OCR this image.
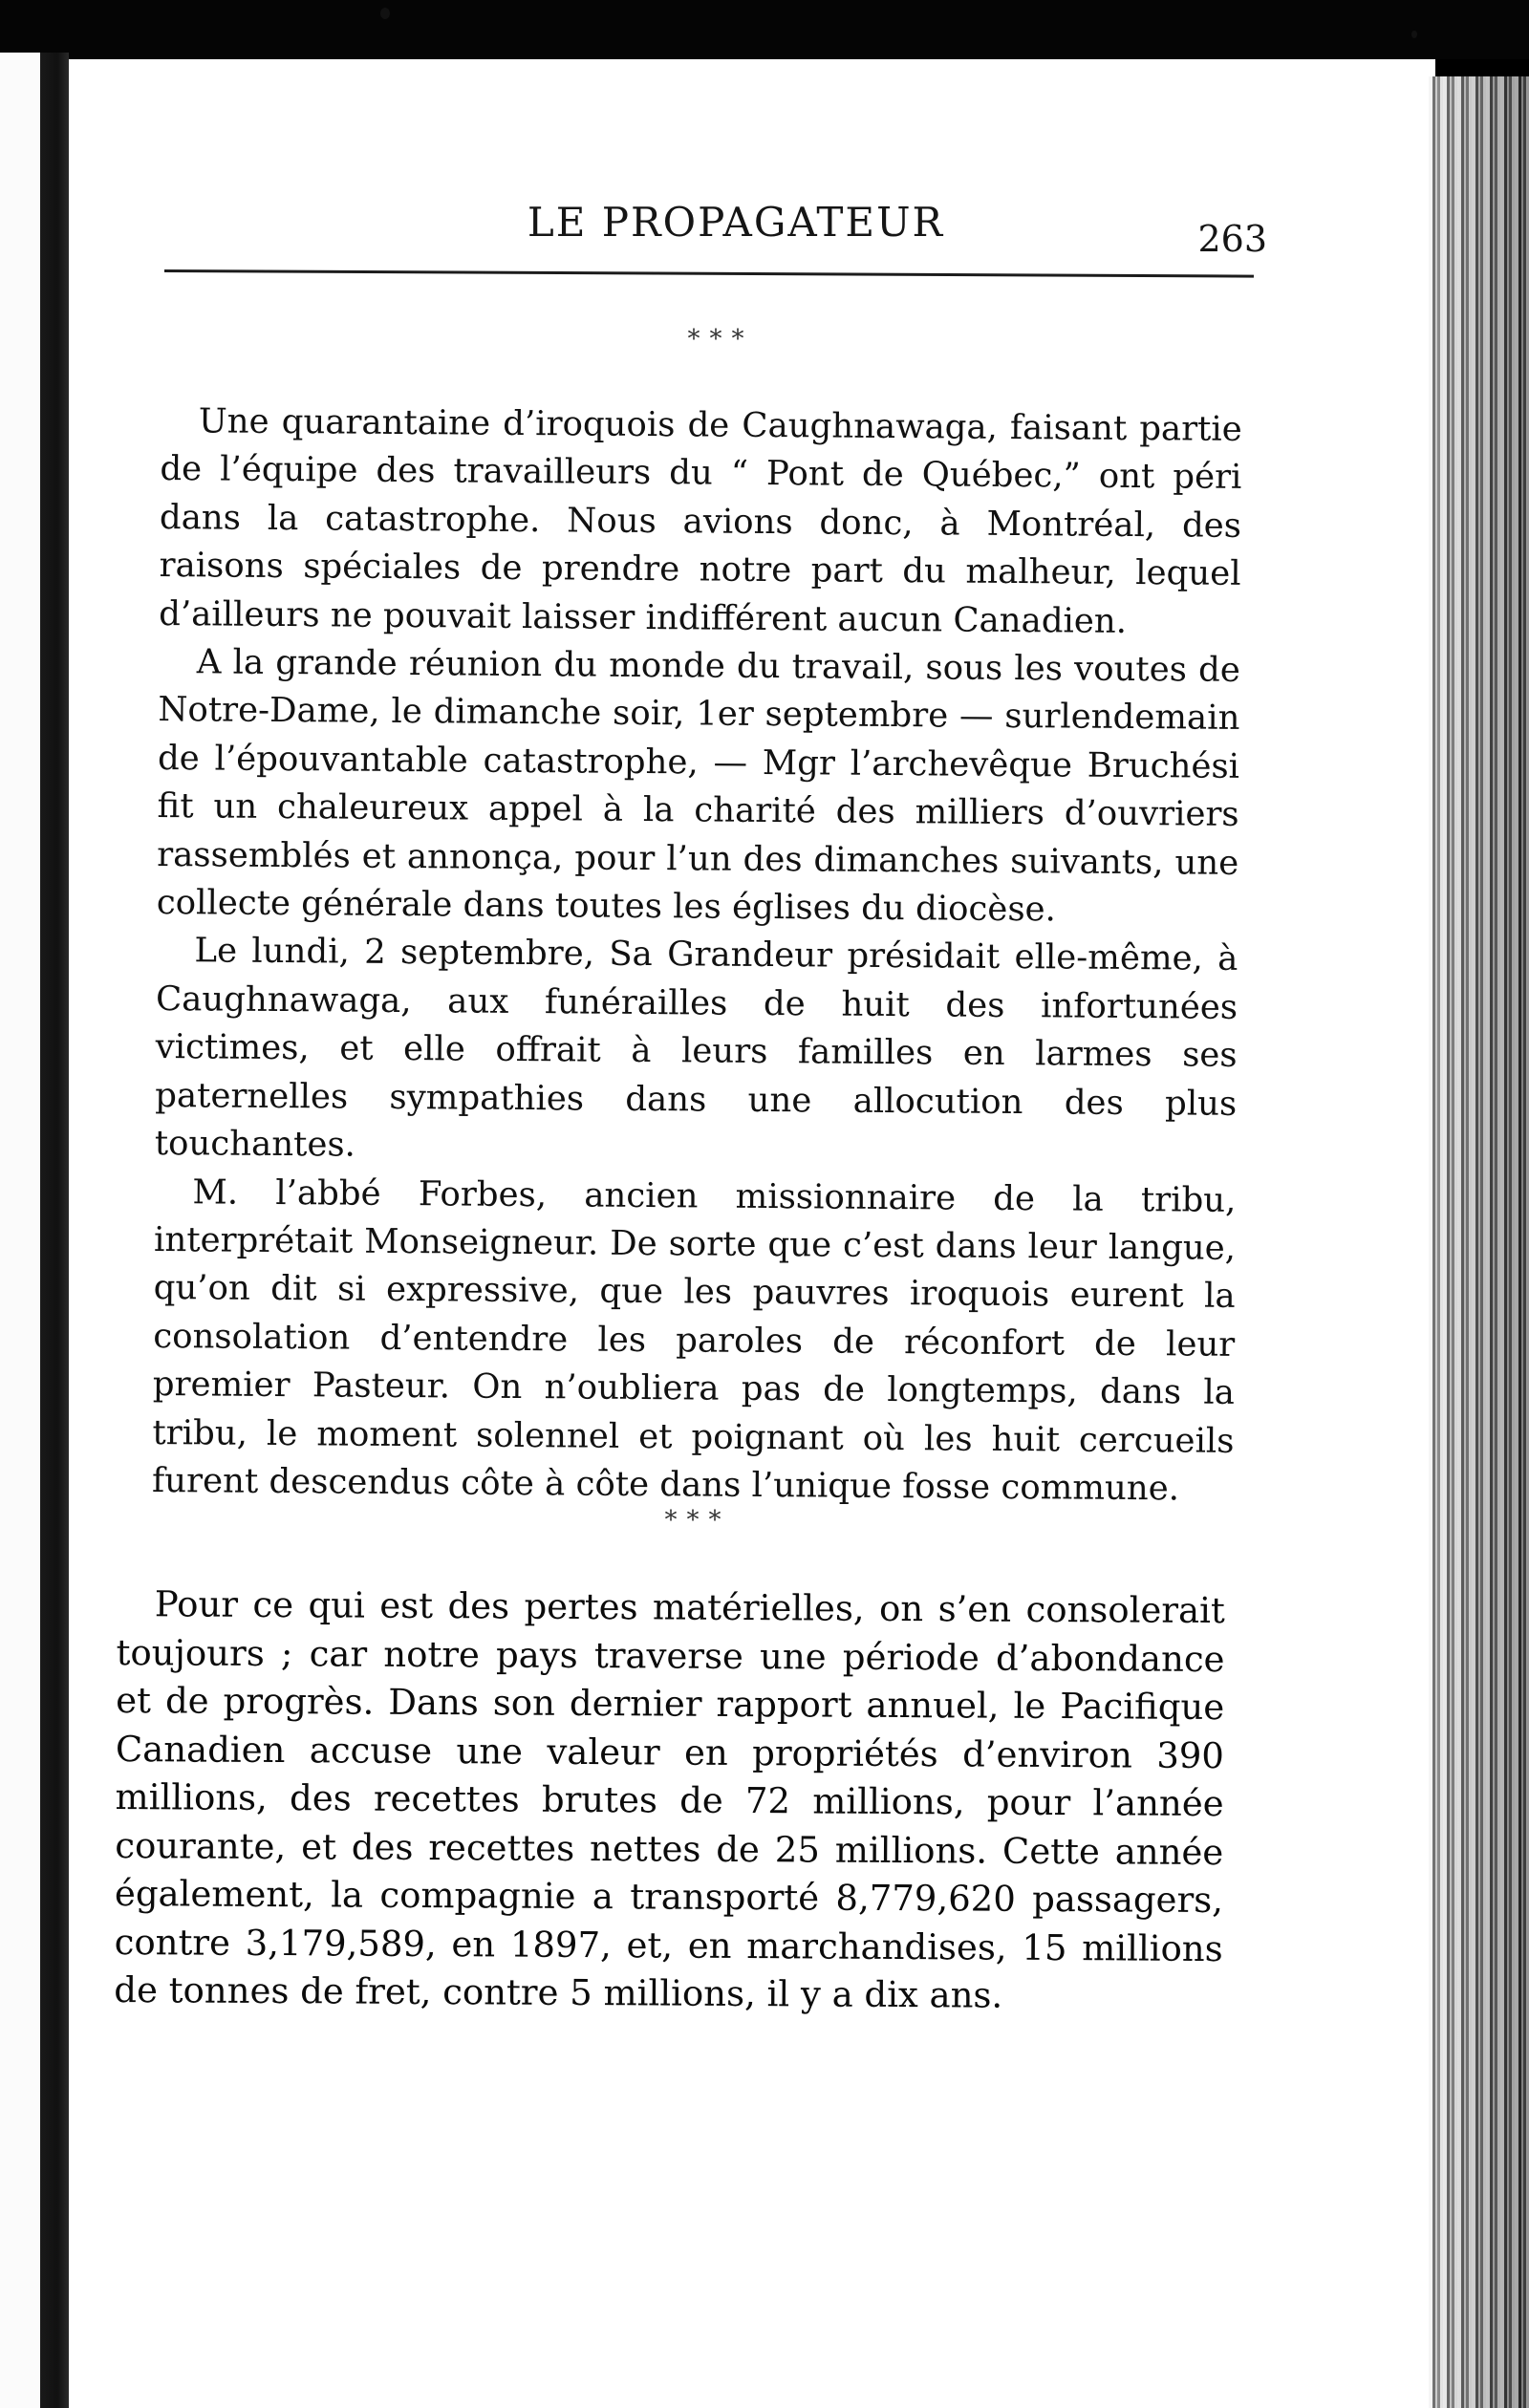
LE PROPAGATEUR	263
***

Une quarantaine d’iroquois de Caughnawaga, faisant partie de l’équipe des travailleurs du “ Pont de Québec,” ont péri dans la catastrophe. Nous avions donc, à Montréal, des raisons spéciales de prendre notre part du malheur, lequel d’ailleurs ne pouvait laisser indifférent aucun Canadien.

A la grande réunion du monde du travail, sous les voutes de Notre-Dame, le dimanche soir, 1er septembre — surlendemain de l’épouvantable catastrophe, — Mgr l’archevêque Bruchési fit un chaleureux appel à la charité des milliers d’ouvriers rassemblés et annonça, pour l’un des dimanches suivants, une collecte générale dans toutes les églises du diocèse.

Le lundi, 2 septembre, Sa Grandeur présidait elle-même, à Caughnawaga, aux funérailles de huit des infortunées victimes, et elle offrait à leurs familles en larmes ses paternelles sympathies dans une allocution des plus touchantes.

M. l’abbé Forbes, ancien missionnaire de la tribu, interprétait Monseigneur. De sorte que c’est dans leur langue, qu’on dit si expressive, que les pauvres iroquois eurent la consolation d’entendre les paroles de réconfort de leur premier Pasteur. On n’oubliera pas de longtemps, dans la tribu, le moment solennel et poignant où les huit cercueils furent descendus côte à côte dans l’unique fosse commune.

***

Pour ce qui est des pertes matérielles, on s’en consolerait toujours ; car notre pays traverse une période d’abondance et de progrès. Dans son dernier rapport annuel, le Pacifique Canadien accuse une valeur en propriétés d’environ 390 millions, des recettes brutes de 72 millions, pour l’année courante, et des recettes nettes de 25 millions. Cette année également, la compagnie a transporté 8,779,620 passagers, contre 3,179,589, en 1897, et, en marchandises, 15 millions de tonnes de fret, contre 5 millions, il y a dix ans.
